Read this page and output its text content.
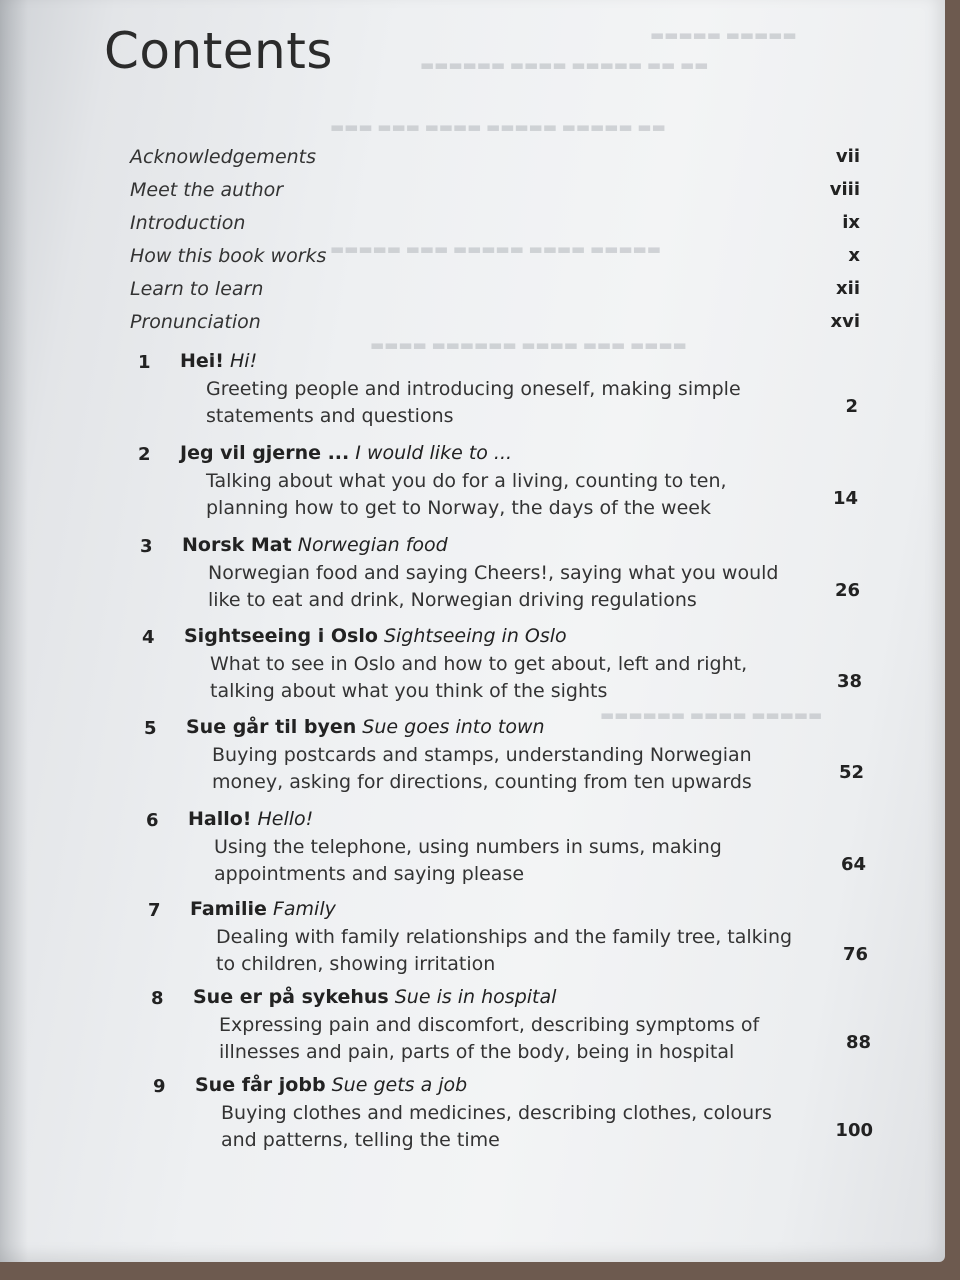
▬▬▬▬▬ ▬▬▬▬▬
▬▬▬▬▬▬ ▬▬▬▬ ▬▬▬▬▬ ▬▬ ▬▬
▬▬▬ ▬▬▬ ▬▬▬▬ ▬▬▬▬▬ ▬▬▬▬▬ ▬▬
▬▬▬▬▬ ▬▬▬ ▬▬▬▬▬ ▬▬▬▬ ▬▬▬▬▬
▬▬▬▬ ▬▬▬▬▬▬ ▬▬▬▬ ▬▬▬ ▬▬▬▬
▬▬▬▬▬▬ ▬▬▬▬ ▬▬▬▬▬
Contents
Acknowledgements	vii
Meet the author	viii
Introduction	ix
How this book works	x
Learn to learn	xii
Pronunciation	xvi
1 Hei! Hi!
Greeting people and introducing oneself, making simple statements and questions	2
2 Jeg vil gjerne ... I would like to ...
Talking about what you do for a living, counting to ten, planning how to get to Norway, the days of the week	14
3 Norsk Mat Norwegian food
Norwegian food and saying Cheers!, saying what you would like to eat and drink, Norwegian driving regulations	26
4 Sightseeing i Oslo Sightseeing in Oslo
What to see in Oslo and how to get about, left and right, talking about what you think of the sights	38
5 Sue går til byen Sue goes into town
Buying postcards and stamps, understanding Norwegian money, asking for directions, counting from ten upwards	52
6 Hallo! Hello!
Using the telephone, using numbers in sums, making appointments and saying please	64
7 Familie Family
Dealing with family relationships and the family tree, talking to children, showing irritation	76
8 Sue er på sykehus Sue is in hospital
Expressing pain and discomfort, describing symptoms of illnesses and pain, parts of the body, being in hospital	88
9 Sue får jobb Sue gets a job
Buying clothes and medicines, describing clothes, colours and patterns, telling the time	100
